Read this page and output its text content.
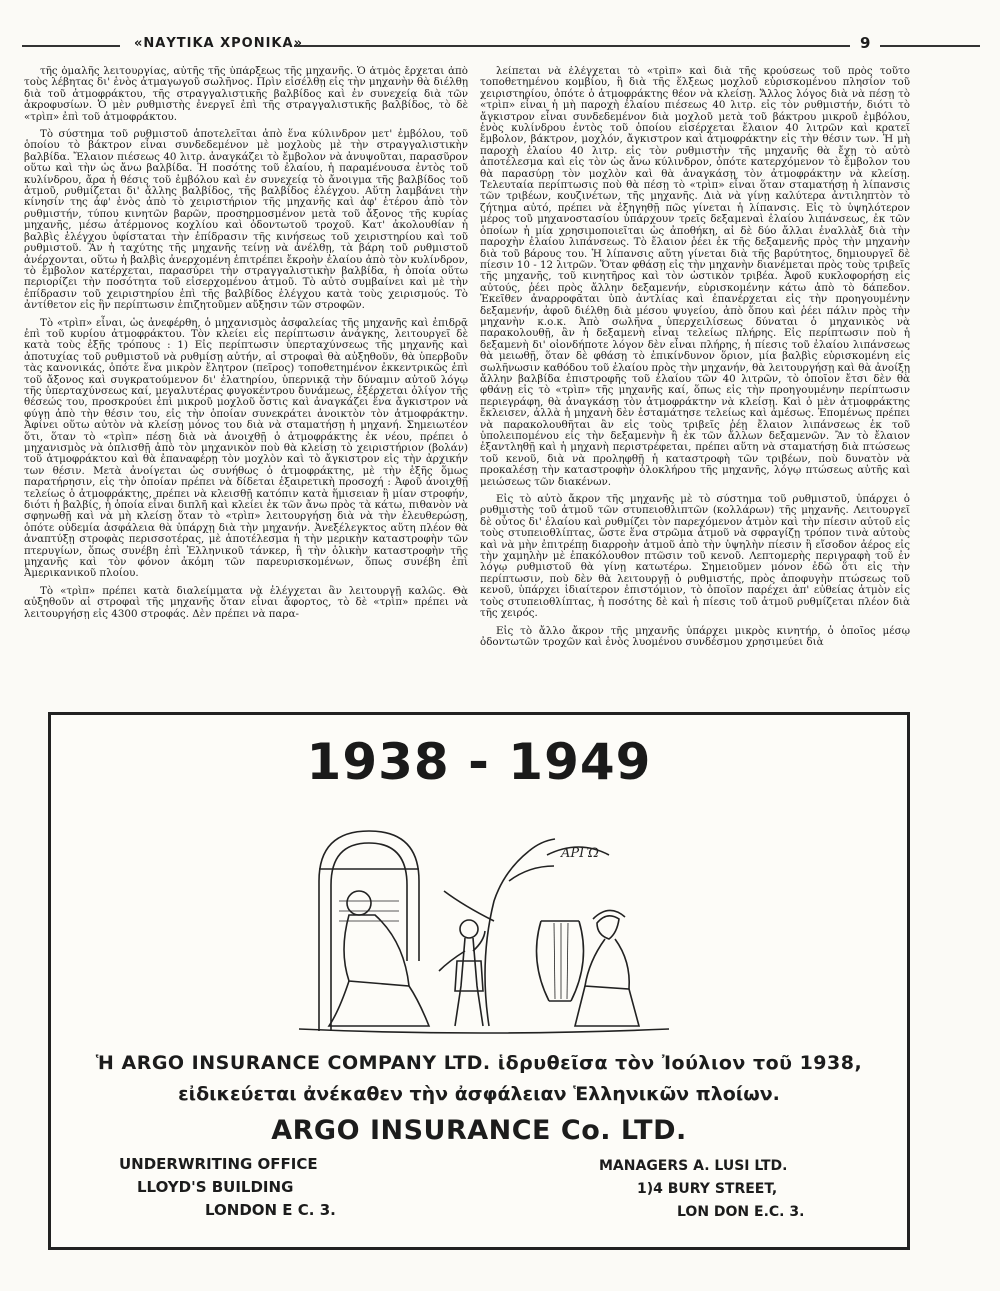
«ΝΑΥΤΙΚΑ ΧΡΟΝΙΚΑ»	9

τῆς ὁμαλῆς λειτουργίας, αὐτῆς τῆς ὑπάρξεως τῆς μηχανῆς. Ὁ ἀτμὸς ἔρχεται ἀπὸ τοὺς λέβητας δι' ἑνὸς ἀτμαγωγοῦ σωλῆνος. Πρὶν εἰσέλθῃ εἰς τὴν μηχανὴν θὰ διέλθῃ διὰ τοῦ ἀτμοφράκτου, τῆς στραγγαλιστικῆς βαλβίδος καὶ ἐν συνεχείᾳ διὰ τῶν ἀκροφυσίων. Ὁ μὲν ρυθμιστὴς ἐνεργεῖ ἐπὶ τῆς στραγγαλιστικῆς βαλβίδος, τὸ δὲ «τρὶπ» ἐπὶ τοῦ ἀτμοφράκτου.

Τὸ σύστημα τοῦ ρυθμιστοῦ ἀποτελεῖται ἀπὸ ἕνα κύλινδρον μετ' ἐμβόλου, τοῦ ὁποίου τὸ βάκτρον εἶναι συνδεδεμένον μὲ μοχλοὺς μὲ τὴν στραγγαλιστικὴν βαλβίδα. Ἔλαιον πιέσεως 40 λιτρ. ἀναγκάζει τὸ ἔμβολον νὰ ἀνυψοῦται, παρασῦρον οὕτω καὶ τὴν ὡς ἄνω βαλβίδα. Ἡ ποσότης τοῦ ἐλαίου, ἡ παραμένουσα ἐντὸς τοῦ κυλίνδρου, ἄρα ἡ θέσις τοῦ ἐμβόλου καὶ ἐν συνεχείᾳ τὸ ἄνοιγμα τῆς βαλβίδος τοῦ ἀτμοῦ, ρυθμίζεται δι' ἄλλης βαλβίδος, τῆς βαλβίδος ἐλέγχου. Αὕτη λαμβάνει τὴν κίνησίν της ἀφ' ἑνὸς ἀπὸ τὸ χειριστήριον τῆς μηχανῆς καὶ ἀφ' ἑτέρου ἀπὸ τὸν ρυθμιστήν, τύπου κινητῶν βαρῶν, προσηρμοσμένον μετὰ τοῦ ἄξονος τῆς κυρίας μηχανῆς, μέσω ἀτέρμονος κοχλίου καὶ ὀδοντωτοῦ τροχοῦ. Κατ' ἀκολουθίαν ἡ βαλβὶς ἐλέγχου ὑφίσταται τὴν ἐπίδρασιν τῆς κινήσεως τοῦ χειριστηρίου καὶ τοῦ ρυθμιστοῦ. Ἂν ἡ ταχύτης τῆς μηχανῆς τείνῃ νὰ ἀνέλθῃ, τὰ βάρη τοῦ ρυθμιστοῦ ἀνέρχονται, οὕτω ἡ βαλβὶς ἀνερχομένη ἐπιτρέπει ἔκροὴν ἐλαίου ἀπὸ τὸν κυλίνδρον, τὸ ἔμβολον κατέρχεται, παρασύρει τὴν στραγγαλιστικὴν βαλβίδα, ἡ ὁποία οὕτω περιορίζει τὴν ποσότητα τοῦ εἰσερχομένου ἀτμοῦ. Τὸ αὐτὸ συμβαίνει καὶ μὲ τὴν ἐπίδρασιν τοῦ χειριστηρίου ἐπὶ τῆς βαλβίδος ἐλέγχου κατὰ τοὺς χειρισμούς. Τὸ ἀντίθετον εἰς ἣν περίπτωσιν ἐπιζητοῦμεν αὔξησιν τῶν στροφῶν.

Τὸ «τρὶπ» εἶναι, ὡς ἀνεφέρθη, ὁ μηχανισμὸς ἀσφαλείας τῆς μηχανῆς καὶ ἐπιδρᾷ ἐπὶ τοῦ κυρίου ἀτμοφράκτου. Τὸν κλείει εἰς περίπτωσιν ἀνάγκης, λειτουργεῖ δὲ κατὰ τοὺς ἑξῆς τρόπους : 1) Εἰς περίπτωσιν ὑπερταχύνσεως τῆς μηχανῆς καὶ ἀποτυχίας τοῦ ρυθμιστοῦ νὰ ρυθμίσῃ αὐτήν, αἱ στροφαὶ θὰ αὐξηθοῦν, θὰ ὑπερβοῦν τὰς κανονικάς, ὁπότε ἕνα μικρὸν ἔλητρον (πεῖρος) τοποθετημένον ἐκκεντρικῶς ἐπὶ τοῦ ἄξονος καὶ συγκρατούμενον δι' ἐλατηρίου, ὑπερνικᾷ τὴν δύναμιν αὐτοῦ λόγῳ τῆς ὑπερταχύνσεως καί, μεγαλυτέρας φυγοκέντρου δυνάμεως, ἐξέρχεται ὀλίγον τῆς θέσεώς του, προσκρούει ἐπὶ μικροῦ μοχλοῦ ὅστις καὶ ἀναγκάζει ἕνα ἄγκιστρον νὰ φύγῃ ἀπὸ τὴν θέσιν του, εἰς τὴν ὁποίαν συνεκράτει ἀνοικτὸν τὸν ἀτμοφράκτην. Ἀφίνει οὕτω αὐτὸν νὰ κλείσῃ μόνος του διὰ νὰ σταματήσῃ ἡ μηχανή. Σημειωτέον ὅτι, ὅταν τὸ «τρὶπ» πέσῃ διὰ νὰ ἀνοιχθῇ ὁ ἀτμοφράκτης ἐκ νέου, πρέπει ὁ μηχανισμὸς νὰ ὁπλισθῇ ἀπὸ τὸν μηχανικὸν ποὺ θὰ κλείσῃ τὸ χειριστήριον (βολάν) τοῦ ἀτμοφράκτου καὶ θὰ ἐπαναφέρῃ τὸν μοχλὸν καὶ τὸ ἄγκιστρον εἰς τὴν ἀρχικήν των θέσιν. Μετὰ ἀνοίγεται ὡς συνήθως ὁ ἀτμοφράκτης, μὲ τὴν ἑξῆς ὅμως παρατήρησιν, εἰς τὴν ὁποίαν πρέπει νὰ δίδεται ἐξαιρετικὴ προσοχή : Ἀφοῦ ἀνοιχθῇ τελείως ὁ ἀτμοφράκτης, πρέπει νὰ κλεισθῇ κατόπιν κατὰ ἥμισειαν ἢ μίαν στροφήν, διότι ἡ βαλβίς, ἡ ὁποία εἶναι διπλῆ καὶ κλείει ἐκ τῶν ἄνω πρὸς τὰ κάτω, πιθανὸν νὰ σφηνωθῇ καὶ νὰ μὴ κλείσῃ ὅταν τὸ «τρὶπ» λειτουργήσῃ διὰ νὰ τὴν ἐλευθερώσῃ, ὁπότε οὐδεμία ἀσφάλεια θὰ ὑπάρχῃ διὰ τὴν μηχανήν. Ἀνεξέλεγκτος αὕτη πλέον θὰ ἀναπτύξῃ στροφὰς περισσοτέρας, μὲ ἀποτέλεσμα ἡ τὴν μερικὴν καταστροφὴν τῶν πτερυγίων, ὅπως συνέβη ἐπὶ Ἑλληνικοῦ τάνκερ, ἢ τὴν ὁλικὴν καταστροφὴν τῆς μηχανῆς καὶ τὸν φόνον ἀκόμη τῶν παρευρισκομένων, ὅπως συνέβη ἐπὶ Ἀμερικανικοῦ πλοίου.

Τὸ «τρὶπ» πρέπει κατὰ διαλείμματα νὰ ἐλέγχεται ἂν λειτουργῇ καλῶς. Θὰ αὐξηθοῦν αἱ στροφαὶ τῆς μηχανῆς ὅταν εἶναι ἄφορτος, τὸ δὲ «τρὶπ» πρέπει νὰ λειτουργήσῃ εἰς 4300 στροφάς. Δὲν πρέπει νὰ παρα-

λείπεται νὰ ἐλέγχεται τὸ «τρὶπ» καὶ διὰ τῆς κρούσεως τοῦ πρὸς τοῦτο τοποθετημένου κομβίου, ἢ διὰ τῆς ἕλξεως μοχλοῦ εὑρισκομένου πλησίον τοῦ χειριστηρίου, ὁπότε ὁ ἀτμοφράκτης θέον νὰ κλείσῃ. Ἄλλος λόγος διὰ νὰ πέσῃ τὸ «τρὶπ» εἶναι ἡ μὴ παροχὴ ἐλαίου πιέσεως 40 λιτρ. εἰς τὸν ρυθμιστήν, διότι τὸ ἄγκιστρον εἶναι συνδεδεμένον διὰ μοχλοῦ μετὰ τοῦ βάκτρου μικροῦ ἐμβόλου, ἑνὸς κυλίνδρου ἐντὸς τοῦ ὁποίου εἰσέρχεται ἔλαιον 40 λιτρῶν καὶ κρατεῖ ἔμβολον, βάκτρον, μοχλόν, ἄγκιστρον καὶ ἀτμοφράκτην εἰς τὴν θέσιν των. Ἡ μὴ παροχὴ ἐλαίου 40 λιτρ. εἰς τὸν ρυθμιστὴν τῆς μηχανῆς θὰ ἔχῃ τὸ αὐτὸ ἀποτέλεσμα καὶ εἰς τὸν ὡς ἄνω κύλινδρον, ὁπότε κατερχόμενον τὸ ἔμβολον του θὰ παρασύρῃ τὸν μοχλὸν καὶ θὰ ἀναγκάσῃ τὸν ἀτμοφράκτην νὰ κλείσῃ. Τελευταία περίπτωσις ποὺ θὰ πέσῃ τὸ «τρὶπ» εἶναι ὅταν σταματήσῃ ἡ λίπανσις τῶν τριβέων, κουζινέτων, τῆς μηχανῆς. Διὰ νὰ γίνῃ καλύτερα ἀντιληπτὸν τὸ ζήτημα αὐτό, πρέπει νὰ ἐξηγηθῇ πῶς γίνεται ἡ λίπανσις. Εἰς τὸ ὑψηλότερον μέρος τοῦ μηχανοστασίου ὑπάρχουν τρεῖς δεξαμεναὶ ἐλαίου λιπάνσεως, ἐκ τῶν ὁποίων ἡ μία χρησιμοποιεῖται ὡς ἀποθήκη, αἱ δὲ δύο ἄλλαι ἐναλλὰξ διὰ τὴν παροχὴν ἐλαίου λιπάνσεως. Τὸ ἔλαιον ῥέει ἐκ τῆς δεξαμενῆς πρὸς τὴν μηχανὴν διὰ τοῦ βάρους του. Ἡ λίπανσις αὕτη γίνεται διὰ τῆς βαρύτητος, δημιουργεῖ δὲ πίεσιν 10 - 12 λιτρῶν. Ὅταν φθάσῃ εἰς τὴν μηχανὴν διανέμεται πρὸς τοὺς τριβεῖς τῆς μηχανῆς, τοῦ κινητῆρος καὶ τὸν ὠστικὸν τριβέα. Ἀφοῦ κυκλοφορήσῃ εἰς αὐτούς, ῥέει πρὸς ἄλλην δεξαμενήν, εὑρισκομένην κάτω ἀπὸ τὸ δάπεδον. Ἐκεῖθεν ἀναρροφᾶται ὑπὸ ἀντλίας καὶ ἐπανέρχεται εἰς τὴν προηγουμένην δεξαμενήν, ἀφοῦ διέλθῃ διὰ μέσου ψυγείου, ἀπὸ ὅπου καὶ ῥέει πάλιν πρὸς τὴν μηχανὴν κ.ο.κ. Ἀπὸ σωλῆνα ὑπερχειλίσεως δύναται ὁ μηχανικὸς νὰ παρακολουθῇ, ἂν ἡ δεξαμενὴ εἶναι τελείως πλήρης. Εἰς περίπτωσιν ποὺ ἡ δεξαμενὴ δι' οἱονδήποτε λόγον δὲν εἶναι πλήρης, ἡ πίεσις τοῦ ἐλαίου λιπάνσεως θὰ μειωθῇ, ὅταν δὲ φθάσῃ τὸ ἐπικίνδυνον ὅριον, μία βαλβὶς εὑρισκομένη εἰς σωλῆνωσιν καθόδου τοῦ ἐλαίου πρὸς τὴν μηχανήν, θὰ λειτουργήσῃ καὶ θὰ ἀνοίξῃ ἄλλην βαλβίδα ἐπιστροφῆς τοῦ ἐλαίου τῶν 40 λιτρῶν, τὸ ὁποῖον ἔτσι δὲν θὰ φθάνῃ εἰς τὸ «τρὶπ» τῆς μηχανῆς καί, ὅπως εἰς τὴν προηγουμένην περίπτωσιν περιεγράφη, θὰ ἀναγκάσῃ τὸν ἀτμοφράκτην νὰ κλείσῃ. Καὶ ὁ μὲν ἀτμοφράκτης ἔκλεισεν, ἀλλὰ ἡ μηχανὴ δὲν ἐσταμάτησε τελείως καὶ ἀμέσως. Ἑπομένως πρέπει νὰ παρακολουθῆται ἂν εἰς τοὺς τριβεῖς ῥέῃ ἔλαιον λιπάνσεως ἐκ τοῦ ὑπολειπομένου εἰς τὴν δεξαμενὴν ἢ ἐκ τῶν ἄλλων δεξαμενῶν. Ἂν τὸ ἔλαιον ἐξαντληθῇ καὶ ἡ μηχανὴ περιστρέφεται, πρέπει αὕτη νὰ σταματήσῃ διὰ πτώσεως τοῦ κενοῦ, διὰ νὰ προληφθῇ ἡ καταστροφὴ τῶν τριβέων, ποὺ δυνατὸν νὰ προκαλέσῃ τὴν καταστροφὴν ὁλοκλήρου τῆς μηχανῆς, λόγῳ πτώσεως αὐτῆς καὶ μειώσεως τῶν διακένων.

Εἰς τὸ αὐτὸ ἄκρον τῆς μηχανῆς μὲ τὸ σύστημα τοῦ ρυθμιστοῦ, ὑπάρχει ὁ ρυθμιστὴς τοῦ ἀτμοῦ τῶν στυπειοθλιπτῶν (κολλάρων) τῆς μηχανῆς. Λειτουργεῖ δὲ οὗτος δι' ἐλαίου καὶ ρυθμίζει τὸν παρεχόμενον ἀτμὸν καὶ τὴν πίεσιν αὐτοῦ εἰς τοὺς στυπειοθλίπτας, ὥστε ἕνα στρῶμα ἀτμοῦ νὰ σφραγίζῃ τρόπον τινὰ αὐτοὺς καὶ νὰ μὴν ἐπιτρέπῃ διαρροὴν ἀτμοῦ ἀπὸ τὴν ὑψηλὴν πίεσιν ἢ εἴσοδον ἀέρος εἰς τὴν χαμηλὴν μὲ ἐπακόλουθον πτῶσιν τοῦ κενοῦ. Λεπτομερὴς περιγραφὴ τοῦ ἐν λόγῳ ρυθμιστοῦ θὰ γίνῃ κατωτέρω. Σημειοῦμεν μόνον ἐδῶ ὅτι εἰς τὴν περίπτωσιν, ποὺ δὲν θὰ λειτουργῇ ὁ ρυθμιστής, πρὸς ἀποφυγὴν πτώσεως τοῦ κενοῦ, ὑπάρχει ἰδιαίτερον ἐπιστόμιον, τὸ ὁποῖον παρέχει ἀπ' εὐθείας ἀτμὸν εἰς τοὺς στυπειοθλίπτας, ἡ ποσότης δὲ καὶ ἡ πίεσις τοῦ ἀτμοῦ ρυθμίζεται πλέον διὰ τῆς χειρός.

Εἰς τὸ ἄλλο ἄκρον τῆς μηχανῆς ὑπάρχει μικρὸς κινητήρ, ὁ ὁποῖος μέσῳ ὀδοντωτῶν τροχῶν καὶ ἑνὸς λυομένου συνδέσμου χρησιμεύει διὰ

1938 - 1949
ΑΡΓΩ
Ἡ ARGO INSURANCE COMPANY LTD. ἱδρυθεῖσα τὸν Ἰούλιον τοῦ 1938,
εἰδικεύεται ἀνέκαθεν τὴν ἀσφάλειαν Ἑλληνικῶν πλοίων.
ARGO INSURANCE Co. LTD.
UNDERWRITING OFFICE
LLOYD'S BUILDING
LONDON E C. 3.
MANAGERS A. LUSI LTD.
1)4 BURY STREET,
LON DON E.C. 3.
